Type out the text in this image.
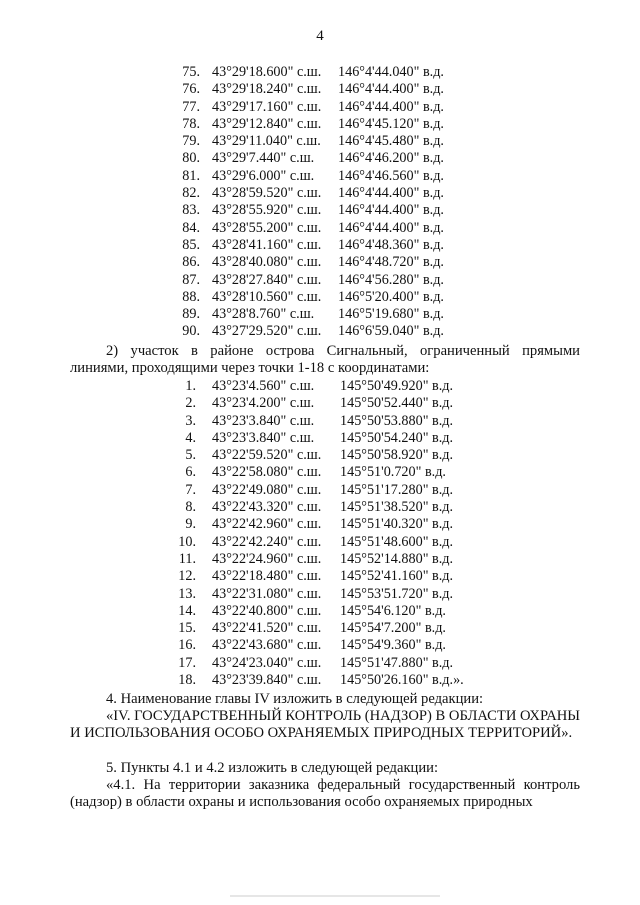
4
75. 43°29'18.600" с.ш. 146°4'44.040" в.д.
76. 43°29'18.240" с.ш. 146°4'44.400" в.д.
77. 43°29'17.160" с.ш. 146°4'44.400" в.д.
78. 43°29'12.840" с.ш. 146°4'45.120" в.д.
79. 43°29'11.040" с.ш. 146°4'45.480" в.д.
80. 43°29'7.440" с.ш. 146°4'46.200" в.д.
81. 43°29'6.000" с.ш. 146°4'46.560" в.д.
82. 43°28'59.520" с.ш. 146°4'44.400" в.д.
83. 43°28'55.920" с.ш. 146°4'44.400" в.д.
84. 43°28'55.200" с.ш. 146°4'44.400" в.д.
85. 43°28'41.160" с.ш. 146°4'48.360" в.д.
86. 43°28'40.080" с.ш. 146°4'48.720" в.д.
87. 43°28'27.840" с.ш. 146°4'56.280" в.д.
88. 43°28'10.560" с.ш. 146°5'20.400" в.д.
89. 43°28'8.760" с.ш. 146°5'19.680" в.д.
90. 43°27'29.520" с.ш. 146°6'59.040" в.д.
2) участок в районе острова Сигнальный, ограниченный прямыми линиями, проходящими через точки 1-18 с координатами:
1. 43°23'4.560" с.ш. 145°50'49.920" в.д.
2. 43°23'4.200" с.ш. 145°50'52.440" в.д.
3. 43°23'3.840" с.ш. 145°50'53.880" в.д.
4. 43°23'3.840" с.ш. 145°50'54.240" в.д.
5. 43°22'59.520" с.ш. 145°50'58.920" в.д.
6. 43°22'58.080" с.ш. 145°51'0.720" в.д.
7. 43°22'49.080" с.ш. 145°51'17.280" в.д.
8. 43°22'43.320" с.ш. 145°51'38.520" в.д.
9. 43°22'42.960" с.ш. 145°51'40.320" в.д.
10. 43°22'42.240" с.ш. 145°51'48.600" в.д.
11. 43°22'24.960" с.ш. 145°52'14.880" в.д.
12. 43°22'18.480" с.ш. 145°52'41.160" в.д.
13. 43°22'31.080" с.ш. 145°53'51.720" в.д.
14. 43°22'40.800" с.ш. 145°54'6.120" в.д.
15. 43°22'41.520" с.ш. 145°54'7.200" в.д.
16. 43°22'43.680" с.ш. 145°54'9.360" в.д.
17. 43°24'23.040" с.ш. 145°51'47.880" в.д.
18. 43°23'39.840" с.ш. 145°50'26.160" в.д.».
4. Наименование главы IV изложить в следующей редакции:
«IV. ГОСУДАРСТВЕННЫЙ КОНТРОЛЬ (НАДЗОР) В ОБЛАСТИ ОХРАНЫ И ИСПОЛЬЗОВАНИЯ ОСОБО ОХРАНЯЕМЫХ ПРИРОДНЫХ ТЕРРИТОРИЙ».
5. Пункты 4.1 и 4.2 изложить в следующей редакции:
«4.1. На территории заказника федеральный государственный контроль (надзор) в области охраны и использования особо охраняемых природных
